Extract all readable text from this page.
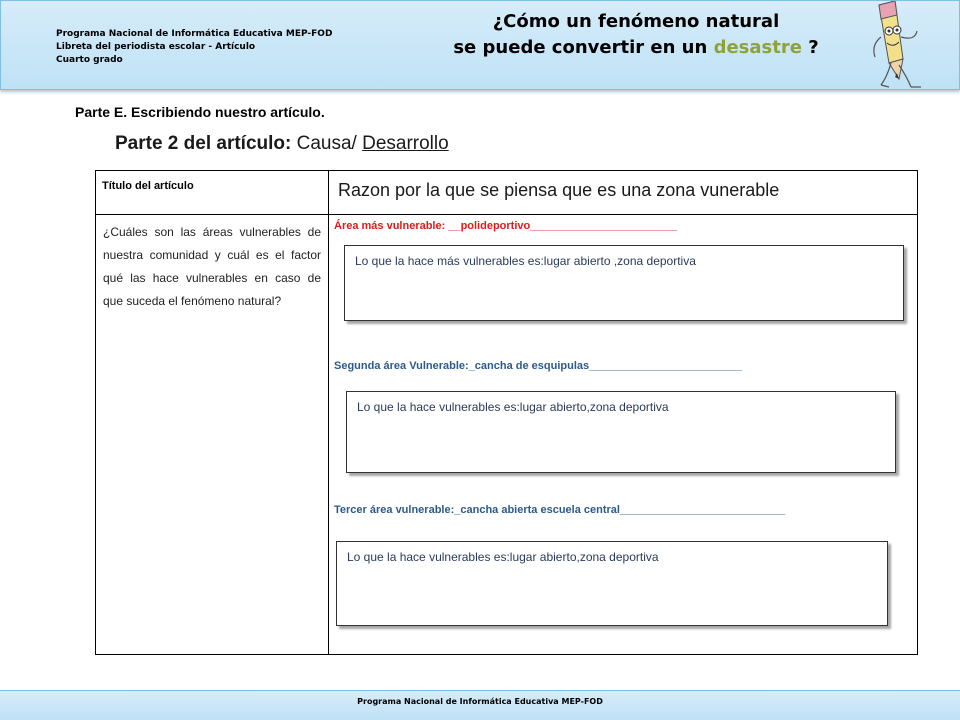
Programa Nacional de Informática Educativa MEP-FOD
Libreta del periodista escolar - Artículo
Cuarto grado
¿Cómo un fenómeno natural
se puede convertir en un desastre ?
Parte E. Escribiendo nuestro artículo.
Parte 2 del artículo: Causa/ Desarrollo
Título del artículo	Razon por la que se piensa que es una zona vunerable
¿Cuáles son las áreas vulnerables de nuestra comunidad y cuál es el factor qué las hace vulnerables en caso de que suceda el fenómeno natural?
Área más vulnerable: __polideportivo________________________
Lo que la hace más vulnerables es:lugar abierto ,zona deportiva
Segunda área Vulnerable:_cancha de esquipulas_________________________
Lo que la hace vulnerables es:lugar abierto,zona deportiva
Tercer área vulnerable:_cancha abierta escuela central___________________________
Lo que la hace vulnerables es:lugar abierto,zona deportiva
Programa Nacional de Informática Educativa MEP-FOD
